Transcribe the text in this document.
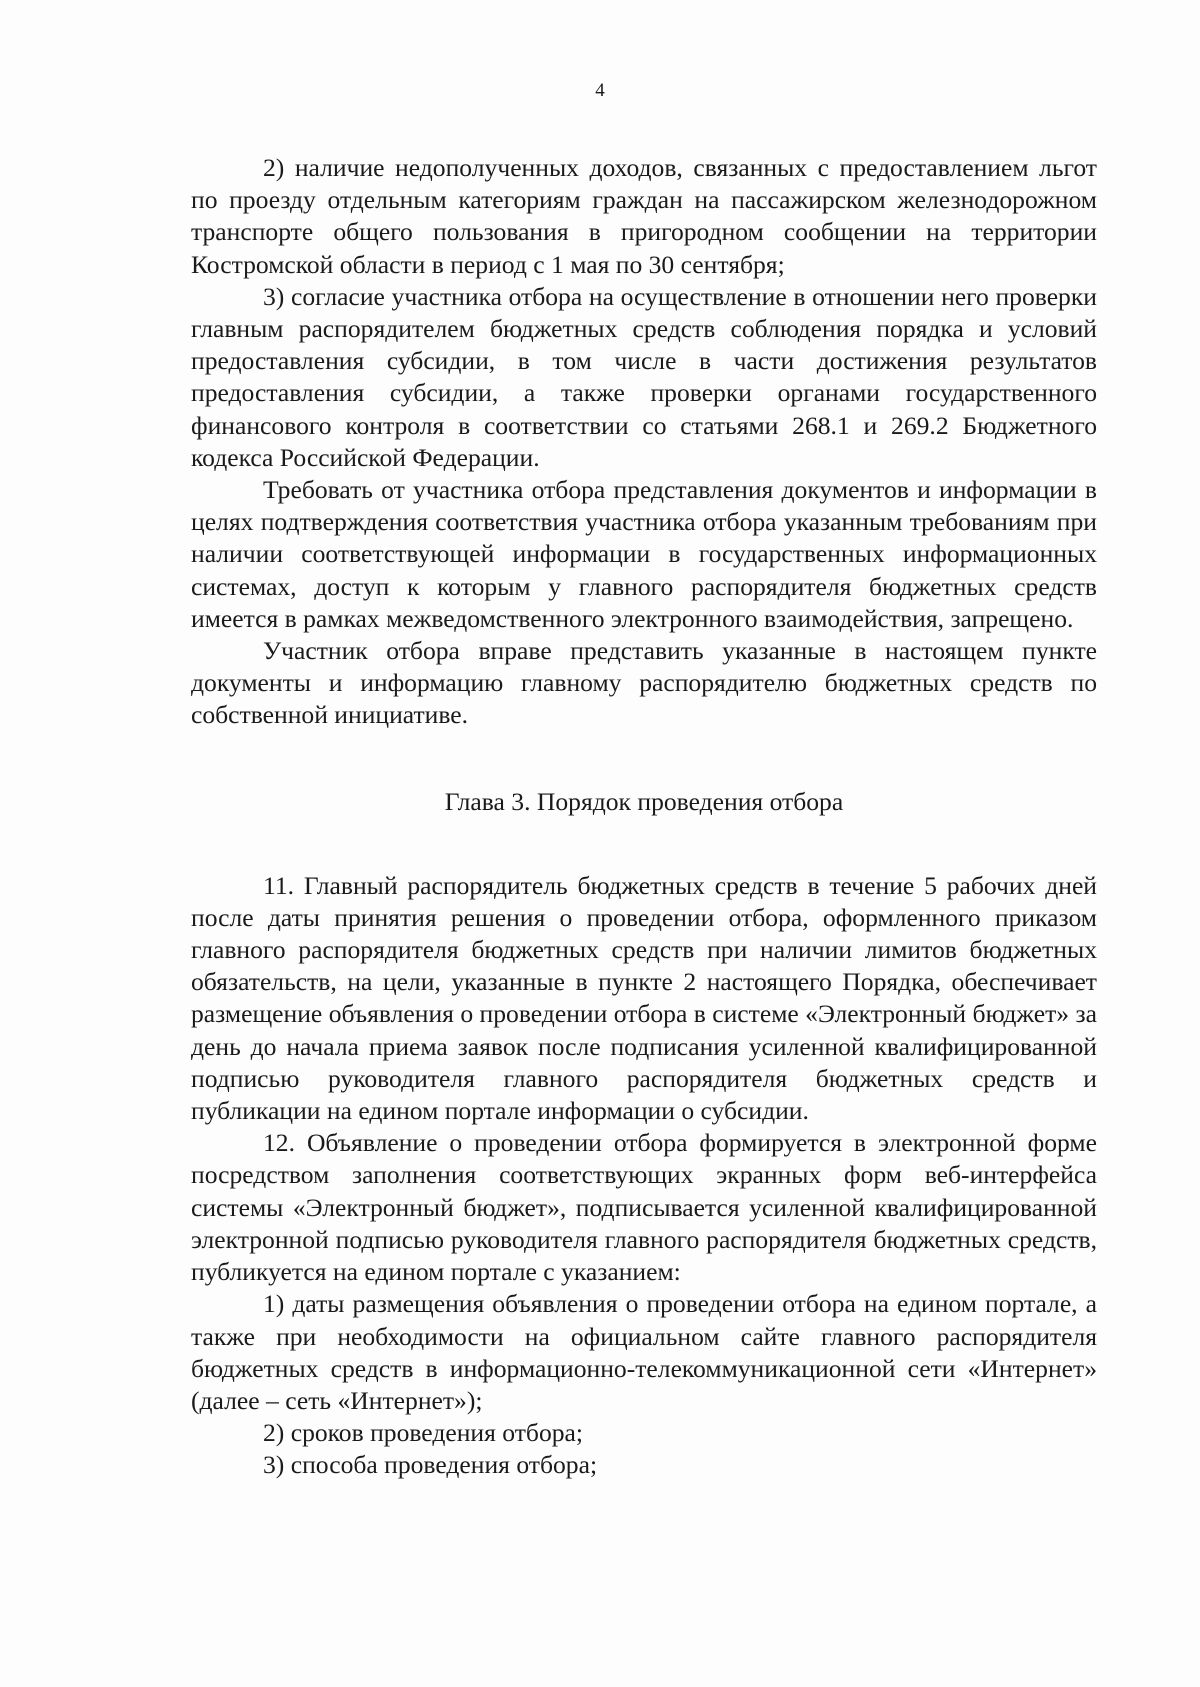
4

2) наличие недополученных доходов, связанных с предоставлением льгот по проезду отдельным категориям граждан на пассажирском железнодорожном транспорте общего пользования в пригородном сообщении на территории Костромской области в период с 1 мая по 30 сентября;

3) согласие участника отбора на осуществление в отношении него проверки главным распорядителем бюджетных средств соблюдения порядка и условий предоставления субсидии, в том числе в части достижения результатов предоставления субсидии, а также проверки органами государственного финансового контроля в соответствии со статьями 268.1 и 269.2 Бюджетного кодекса Российской Федерации.

Требовать от участника отбора представления документов и информации в целях подтверждения соответствия участника отбора указанным требованиям при наличии соответствующей информации в государственных информационных системах, доступ к которым у главного распорядителя бюджетных средств имеется в рамках межведомственного электронного взаимодействия, запрещено.

Участник отбора вправе представить указанные в настоящем пункте документы и информацию главному распорядителю бюджетных средств по собственной инициативе.

Глава 3. Порядок проведения отбора

11. Главный распорядитель бюджетных средств в течение 5 рабочих дней после даты принятия решения о проведении отбора, оформленного приказом главного распорядителя бюджетных средств при наличии лимитов бюджетных обязательств, на цели, указанные в пункте 2 настоящего Порядка, обеспечивает размещение объявления о проведении отбора в системе «Электронный бюджет» за день до начала приема заявок после подписания усиленной квалифицированной подписью руководителя главного распорядителя бюджетных средств и публикации на едином портале информации о субсидии.

12. Объявление о проведении отбора формируется в электронной форме посредством заполнения соответствующих экранных форм веб-интерфейса системы «Электронный бюджет», подписывается усиленной квалифицированной электронной подписью руководителя главного распорядителя бюджетных средств, публикуется на едином портале с указанием:

1) даты размещения объявления о проведении отбора на едином портале, а также при необходимости на официальном сайте главного распорядителя бюджетных средств в информационно-телекоммуникационной сети «Интернет» (далее – сеть «Интернет»);

2) сроков проведения отбора;

3) способа проведения отбора;
